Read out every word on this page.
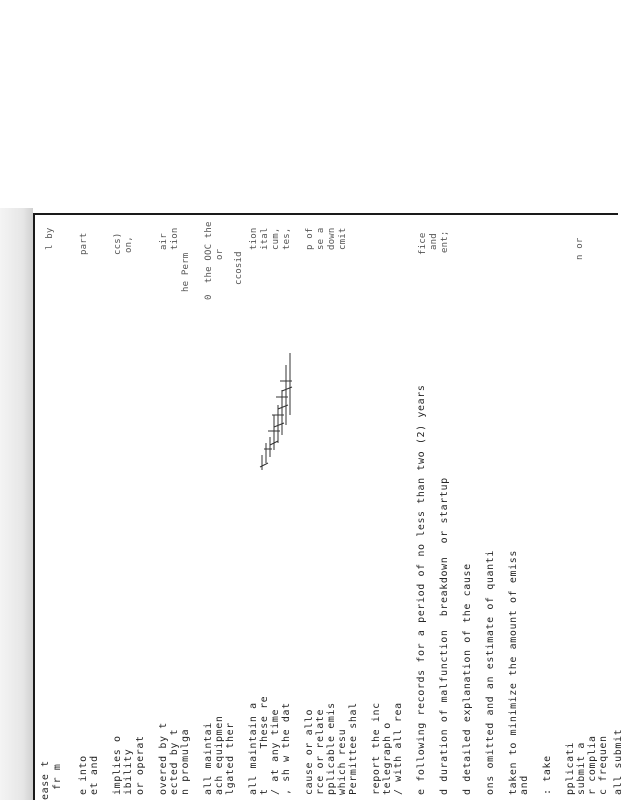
ease t fr m e into et and implies o ibility or operat overed by t ected by t n promulga all maintai ach equipmen lgated ther all maintain a t      These re / at any time , sh w the dat cause or allo rce or relate pplicable emis which resu Permittee shal report the inc telegraph o / with all rea e following records for a period of no less than two (2) years d duration of malfunction  breakdown  or startup d detailed explanation of the cause ons omitted and an estimate of quanti taken to minimize the amount of emiss and : take pplicati submit a r complia c frequen all submit
l by	part	ccs) on,	air tion
he Perm 0  the OOC the or ccosid
tion ital cum, tes, p of se a down cmit	fice and ent;	n or
